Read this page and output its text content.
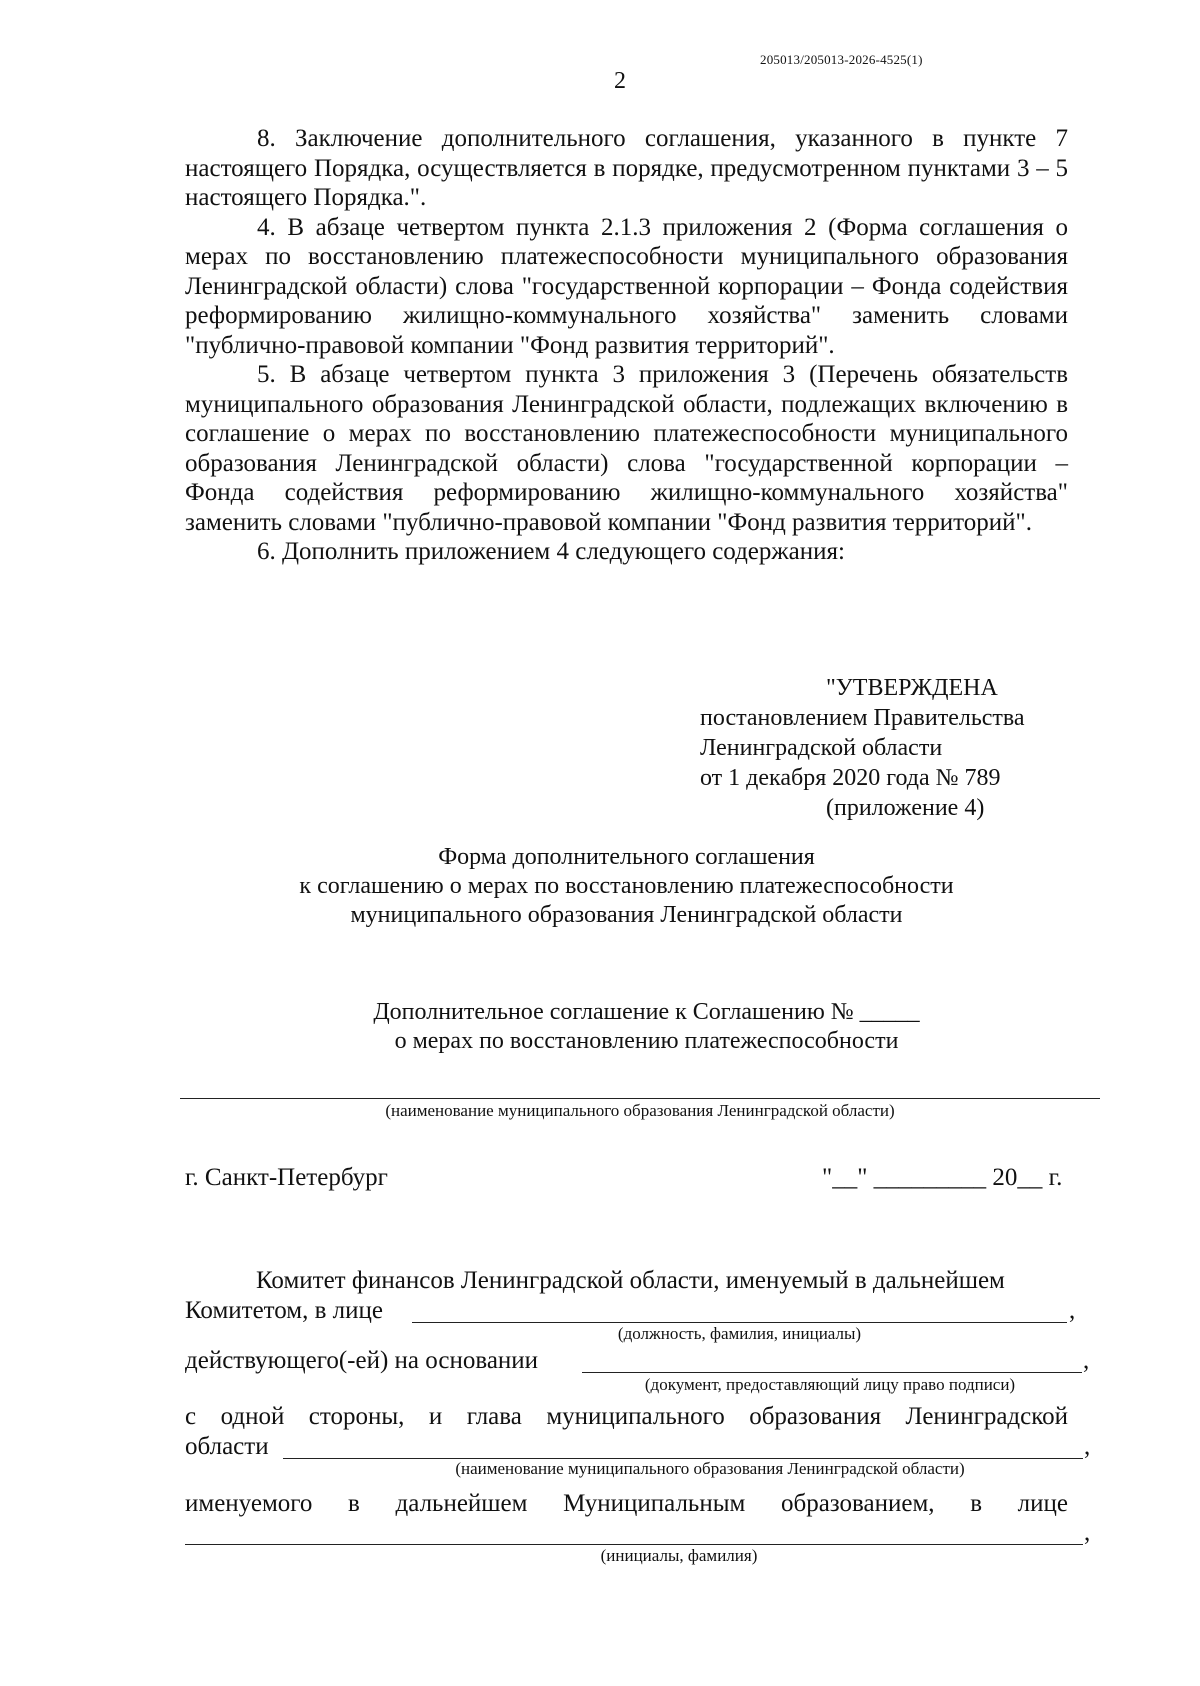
205013/205013-2026-4525(1)
2

8. Заключение дополнительного соглашения, указанного в пункте 7 настоящего Порядка, осуществляется в порядке, предусмотренном пунктами 3 – 5 настоящего Порядка.".

4. В абзаце четвертом пункта 2.1.3 приложения 2 (Форма соглашения о мерах по восстановлению платежеспособности муниципального образования Ленинградской области) слова "государственной корпорации – Фонда содействия реформированию жилищно-коммунального хозяйства" заменить словами "публично-правовой компании "Фонд развития территорий".

5. В абзаце четвертом пункта 3 приложения 3 (Перечень обязательств муниципального образования Ленинградской области, подлежащих включению в соглашение о мерах по восстановлению платежеспособности муниципального образования Ленинградской области) слова "государственной корпорации – Фонда содействия реформированию жилищно-коммунального хозяйства" заменить словами "публично-правовой компании "Фонд развития территорий".

6. Дополнить приложением 4 следующего содержания:

"УТВЕРЖДЕНА
постановлением Правительства
Ленинградской области
от 1 декабря 2020 года № 789
(приложение 4)
Форма дополнительного соглашения
к соглашению о мерах по восстановлению платежеспособности
муниципального образования Ленинградской области
Дополнительное соглашение к Соглашению № _____
о мерах по восстановлению платежеспособности
(наименование муниципального образования Ленинградской области)
г. Санкт-Петербург	"__" _________ 20__ г.
Комитет финансов Ленинградской области, именуемый в дальнейшем
Комитетом, в лице	,
(должность, фамилия, инициалы)
действующего(-ей) на основании	,
(документ, предоставляющий лицу право подписи)

с одной стороны, и глава муниципального образования Ленинградской

области	,
(наименование муниципального образования Ленинградской области)

именуемого в дальнейшем Муниципальным образованием, в лице

,
(инициалы, фамилия)
